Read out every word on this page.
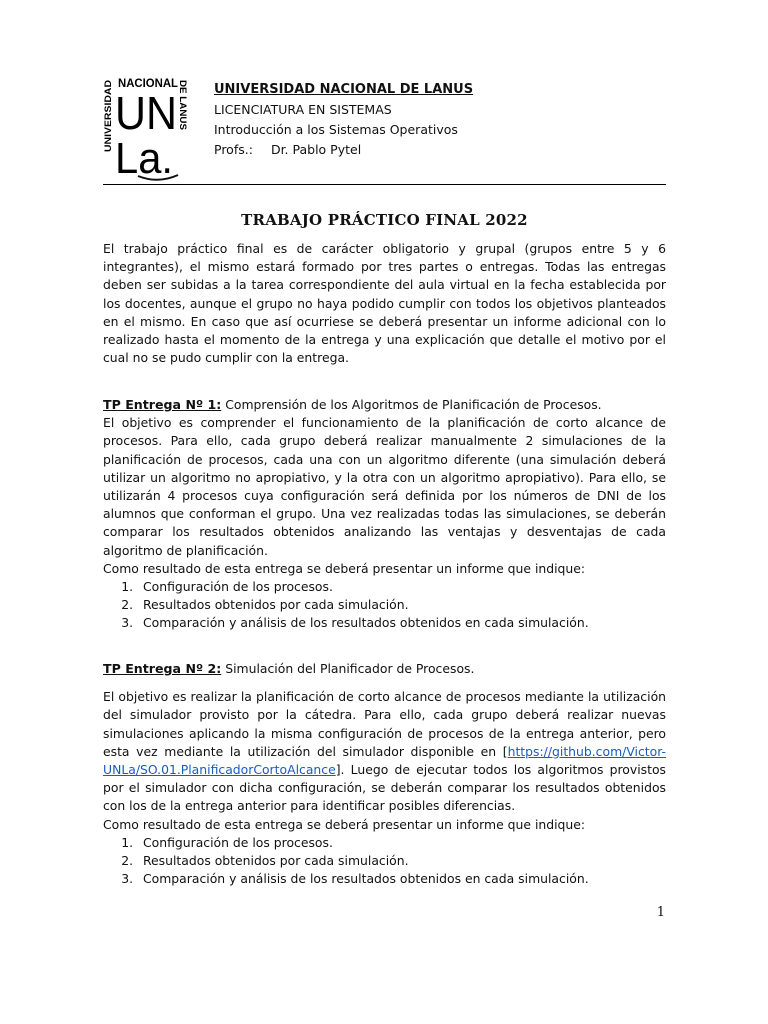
NACIONAL
UNIVERSIDAD	DE LANUS
UN
La.
UNIVERSIDAD NACIONAL DE LANUS
LICENCIATURA EN SISTEMAS
Introducción a los Sistemas Operativos
Profs.: Dr. Pablo Pytel
TRABAJO PRÁCTICO FINAL 2022

El trabajo práctico final es de carácter obligatorio y grupal (grupos entre 5 y 6 integrantes), el mismo estará formado por tres partes o entregas. Todas las entregas deben ser subidas a la tarea correspondiente del aula virtual en la fecha establecida por los docentes, aunque el grupo no haya podido cumplir con todos los objetivos planteados en el mismo. En caso que así ocurriese se deberá presentar un informe adicional con lo realizado hasta el momento de la entrega y una explicación que detalle el motivo por el cual no se pudo cumplir con la entrega.

TP Entrega Nº 1: Comprensión de los Algoritmos de Planificación de Procesos.

El objetivo es comprender el funcionamiento de la planificación de corto alcance de procesos. Para ello, cada grupo deberá realizar manualmente 2 simulaciones de la planificación de procesos, cada una con un algoritmo diferente (una simulación deberá utilizar un algoritmo no apropiativo, y la otra con un algoritmo apropiativo). Para ello, se utilizarán 4 procesos cuya configuración será definida por los números de DNI de los alumnos que conforman el grupo. Una vez realizadas todas las simulaciones, se deberán comparar los resultados obtenidos analizando las ventajas y desventajas de cada algoritmo de planificación.

Como resultado de esta entrega se deberá presentar un informe que indique:

1. Configuración de los procesos.
2. Resultados obtenidos por cada simulación.
3. Comparación y análisis de los resultados obtenidos en cada simulación.

TP Entrega Nº 2: Simulación del Planificador de Procesos.

El objetivo es realizar la planificación de corto alcance de procesos mediante la utilización del simulador provisto por la cátedra. Para ello, cada grupo deberá realizar nuevas simulaciones aplicando la misma configuración de procesos de la entrega anterior, pero esta vez mediante la utilización del simulador disponible en [https://github.com/Victor-UNLa/SO.01.PlanificadorCortoAlcance]. Luego de ejecutar todos los algoritmos provistos por el simulador con dicha configuración, se deberán comparar los resultados obtenidos con los de la entrega anterior para identificar posibles diferencias.

Como resultado de esta entrega se deberá presentar un informe que indique:

1. Configuración de los procesos.
2. Resultados obtenidos por cada simulación.
3. Comparación y análisis de los resultados obtenidos en cada simulación.
1
